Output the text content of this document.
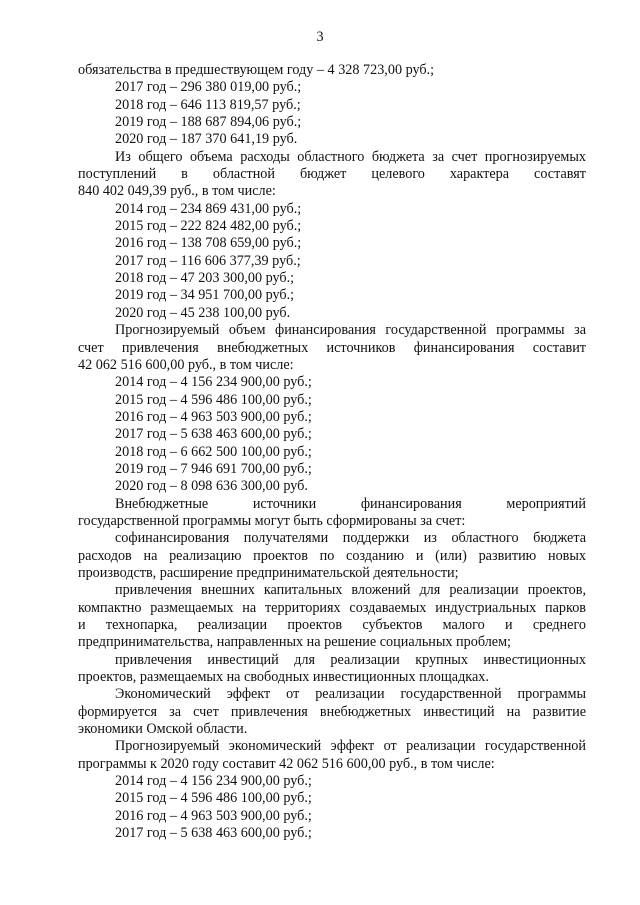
3
обязательства в предшествующем году – 4 328 723,00 руб.;
2017 год – 296 380 019,00 руб.;
2018 год – 646 113 819,57 руб.;
2019 год – 188 687 894,06 руб.;
2020 год – 187 370 641,19 руб.
Из общего объема расходы областного бюджета за счет прогнозируемых
поступлений в областной бюджет целевого характера составят
840 402 049,39 руб., в том числе:
2014 год – 234 869 431,00 руб.;
2015 год – 222 824 482,00 руб.;
2016 год – 138 708 659,00 руб.;
2017 год – 116 606 377,39 руб.;
2018 год – 47 203 300,00 руб.;
2019 год – 34 951 700,00 руб.;
2020 год – 45 238 100,00 руб.
Прогнозируемый объем финансирования государственной программы за
счет привлечения внебюджетных источников финансирования составит
42 062 516 600,00 руб., в том числе:
2014 год – 4 156 234 900,00 руб.;
2015 год – 4 596 486 100,00 руб.;
2016 год – 4 963 503 900,00 руб.;
2017 год – 5 638 463 600,00 руб.;
2018 год – 6 662 500 100,00 руб.;
2019 год – 7 946 691 700,00 руб.;
2020 год – 8 098 636 300,00 руб.
Внебюджетные источники финансирования мероприятий
государственной программы могут быть сформированы за счет:
софинансирования получателями поддержки из областного бюджета
расходов на реализацию проектов по созданию и (или) развитию новых
производств, расширение предпринимательской деятельности;
привлечения внешних капитальных вложений для реализации проектов,
компактно размещаемых на территориях создаваемых индустриальных парков
и технопарка, реализации проектов субъектов малого и среднего
предпринимательства, направленных на решение социальных проблем;
привлечения инвестиций для реализации крупных инвестиционных
проектов, размещаемых на свободных инвестиционных площадках.
Экономический эффект от реализации государственной программы
формируется за счет привлечения внебюджетных инвестиций на развитие
экономики Омской области.
Прогнозируемый экономический эффект от реализации государственной
программы к 2020 году составит 42 062 516 600,00 руб., в том числе:
2014 год – 4 156 234 900,00 руб.;
2015 год – 4 596 486 100,00 руб.;
2016 год – 4 963 503 900,00 руб.;
2017 год – 5 638 463 600,00 руб.;
